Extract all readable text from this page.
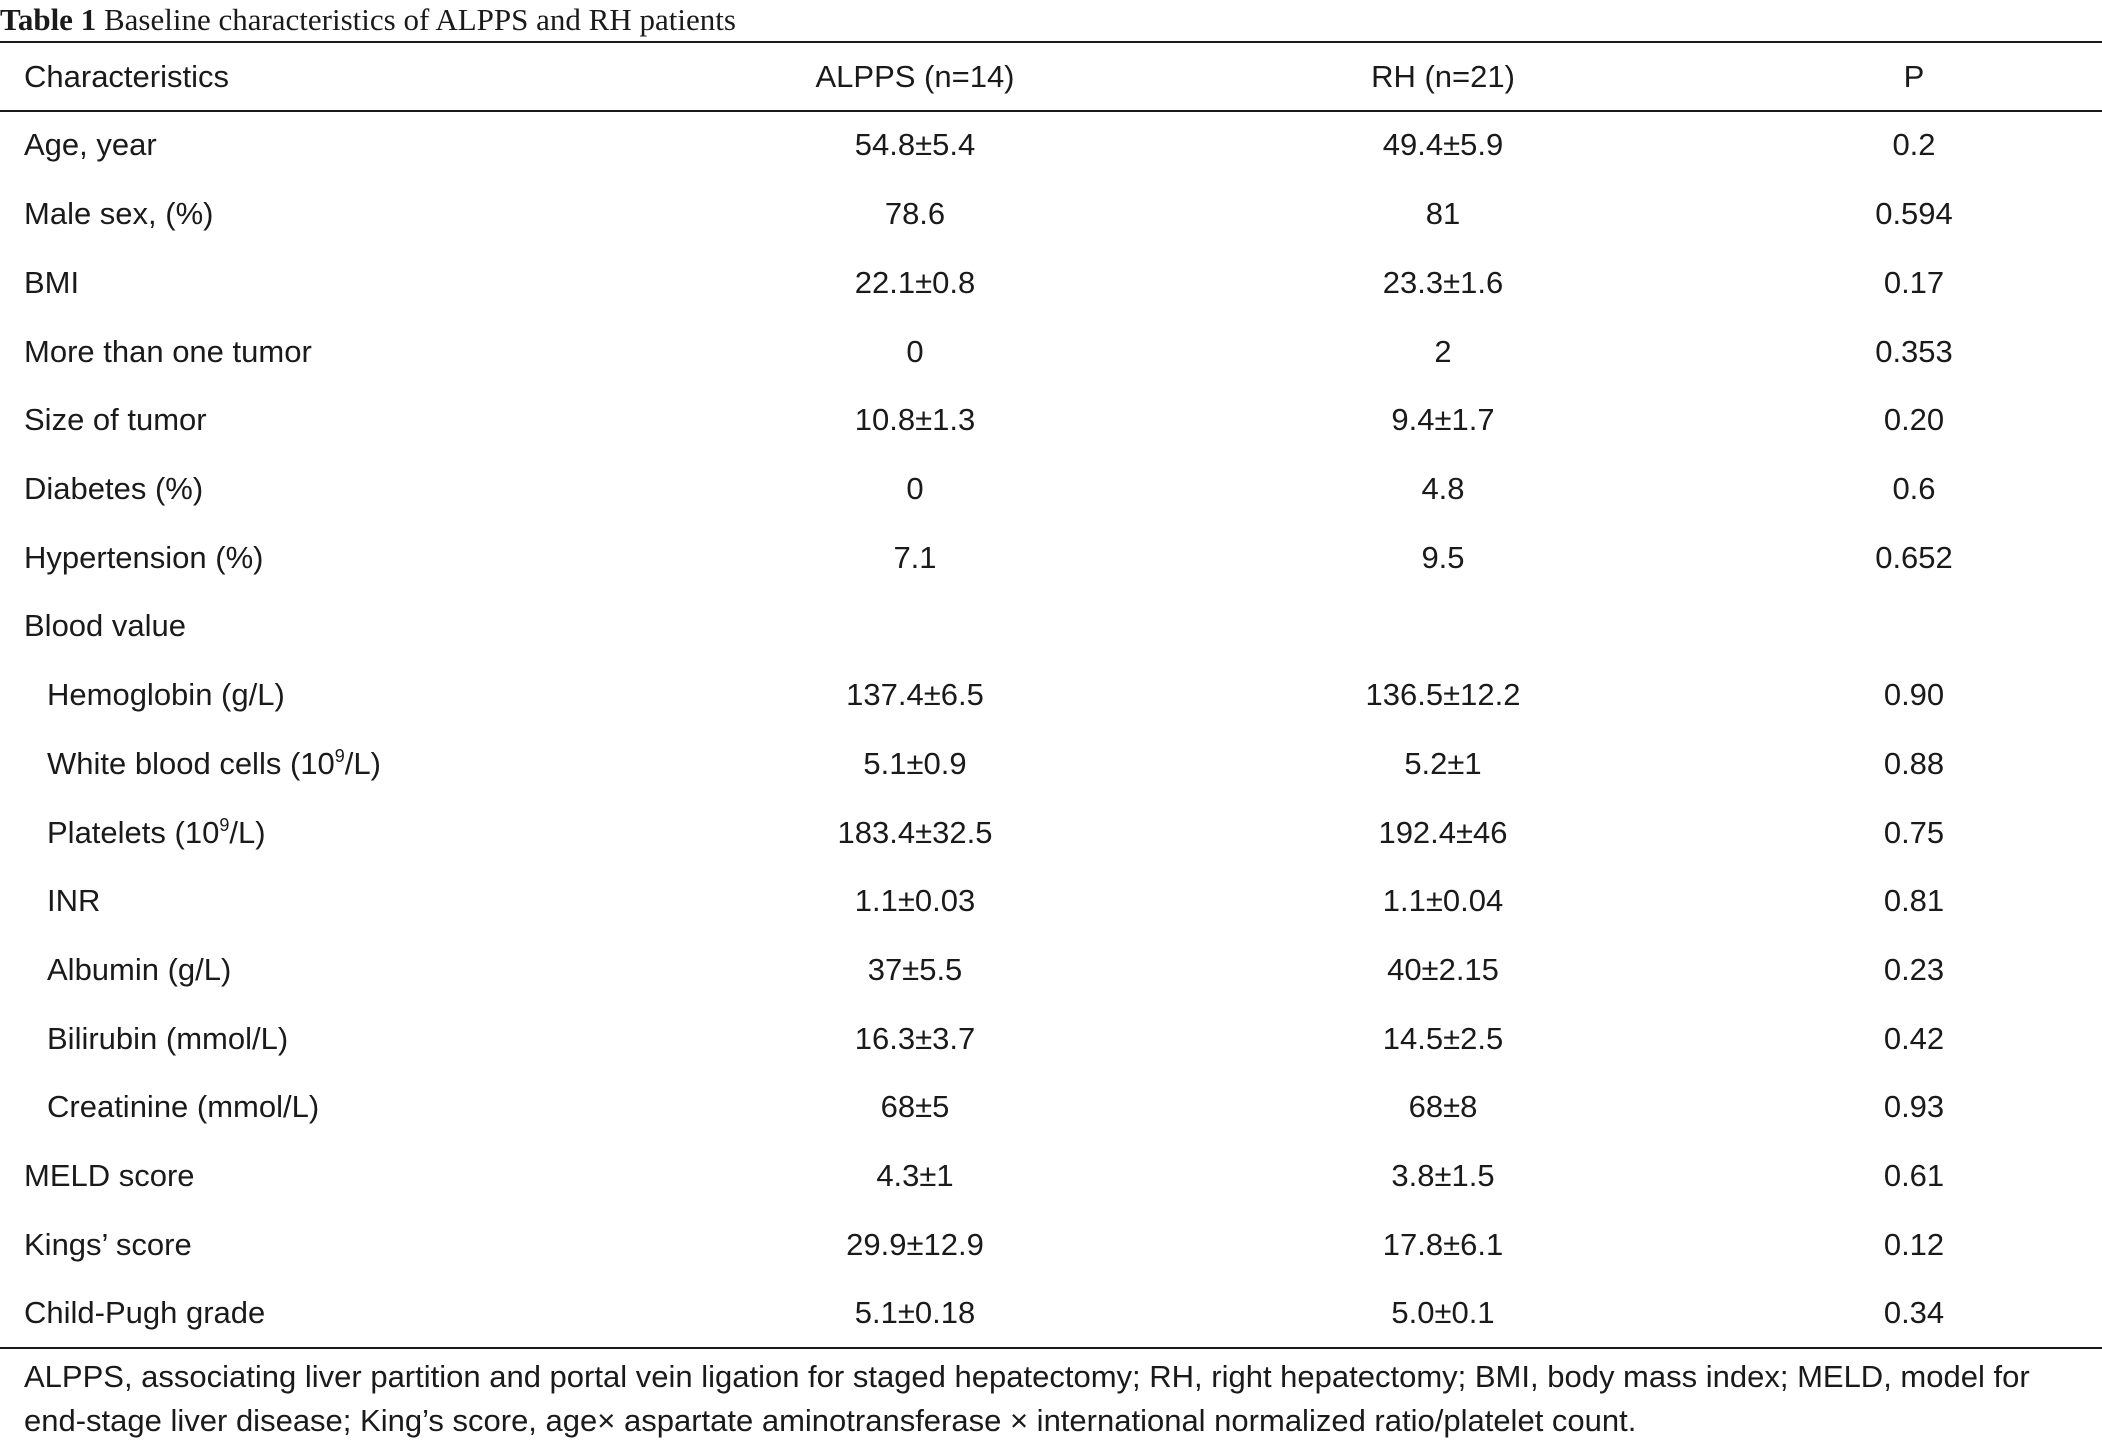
Table 1 Baseline characteristics of ALPPS and RH patients
Characteristics	ALPPS (n=14)	RH (n=21)	P
Age, year	54.8±5.4	49.4±5.9	0.2
Male sex, (%)	78.6	81	0.594
BMI	22.1±0.8	23.3±1.6	0.17
More than one tumor	0	2	0.353
Size of tumor	10.8±1.3	9.4±1.7	0.20
Diabetes (%)	0	4.8	0.6
Hypertension (%)	7.1	9.5	0.652
Blood value			
Hemoglobin (g/L)	137.4±6.5	136.5±12.2	0.90
White blood cells $(10^9/L)$	5.1±0.9	5.2±1	0.88
Platelets $(10^9/L)$	183.4±32.5	192.4±46	0.75
INR	1.1±0.03	1.1±0.04	0.81
Albumin (g/L)	37±5.5	40±2.15	0.23
Bilirubin (mmol/L)	16.3±3.7	14.5±2.5	0.42
Creatinine (mmol/L)	68±5	68±8	0.93
MELD score	4.3±1	3.8±1.5	0.61
Kings’ score	29.9±12.9	17.8±6.1	0.12
Child-Pugh grade	5.1±0.18	5.0±0.1	0.34
ALPPS, associating liver partition and portal vein ligation for staged hepatectomy; RH, right hepatectomy; BMI, body mass index; MELD, model for end-stage liver disease; King’s score, age× aspartate aminotransferase × international normalized ratio/platelet count.
